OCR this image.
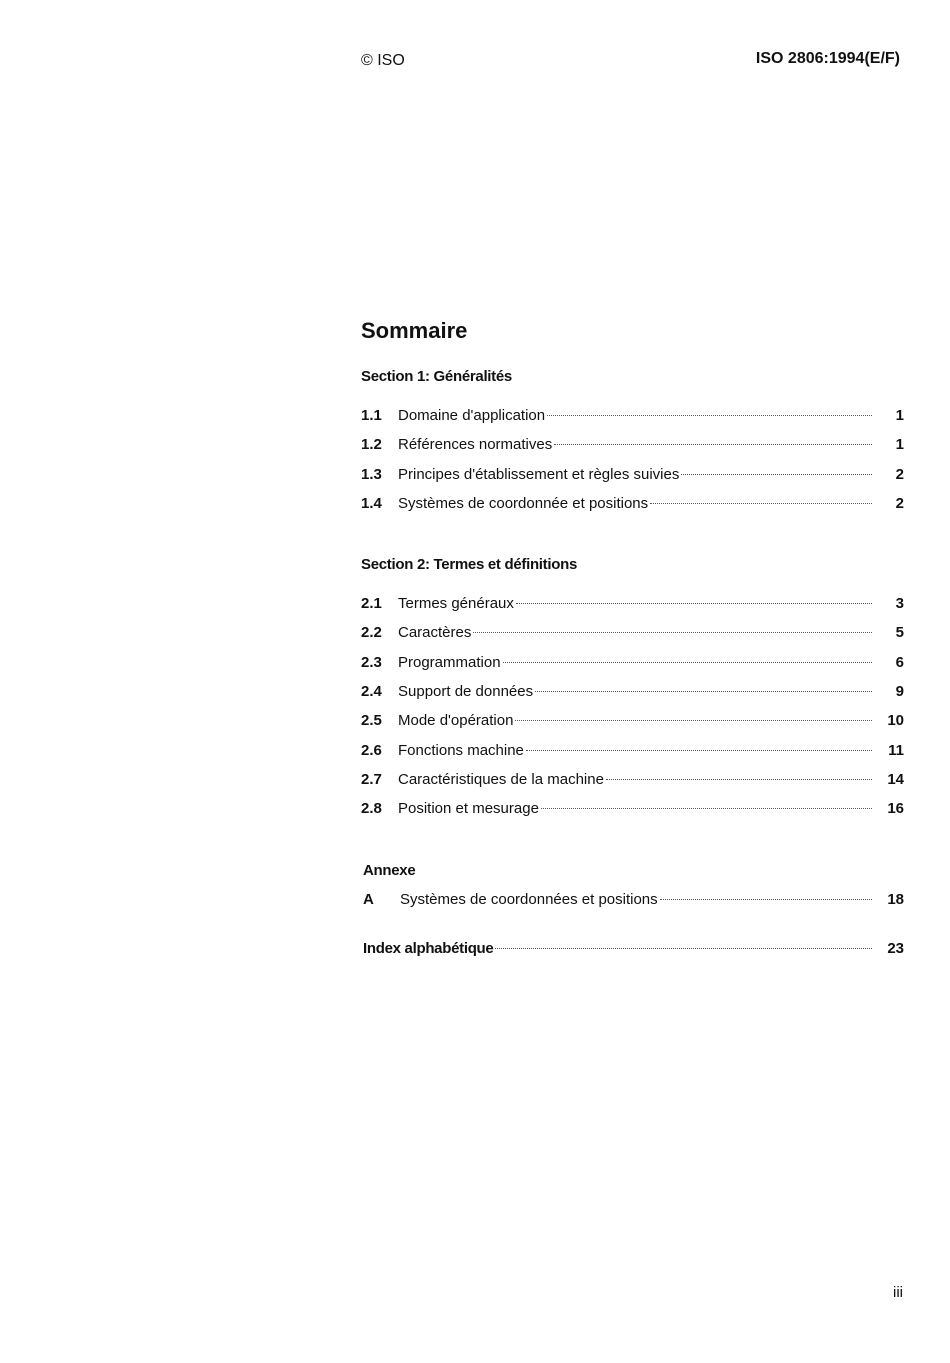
© ISO	ISO 2806:1994(E/F)
Sommaire
Section 1: Généralités
1.1	Domaine d'application	1
1.2	Références normatives	1
1.3	Principes d'établissement et règles suivies	2
1.4	Systèmes de coordonnée et positions	2
Section 2: Termes et définitions
2.1	Termes généraux	3
2.2	Caractères	5
2.3	Programmation	6
2.4	Support de données	9
2.5	Mode d'opération	10
2.6	Fonctions machine	11
2.7	Caractéristiques de la machine	14
2.8	Position et mesurage	16
Annexe
A	Systèmes de coordonnées et positions	18
Index alphabétique	23
iii
